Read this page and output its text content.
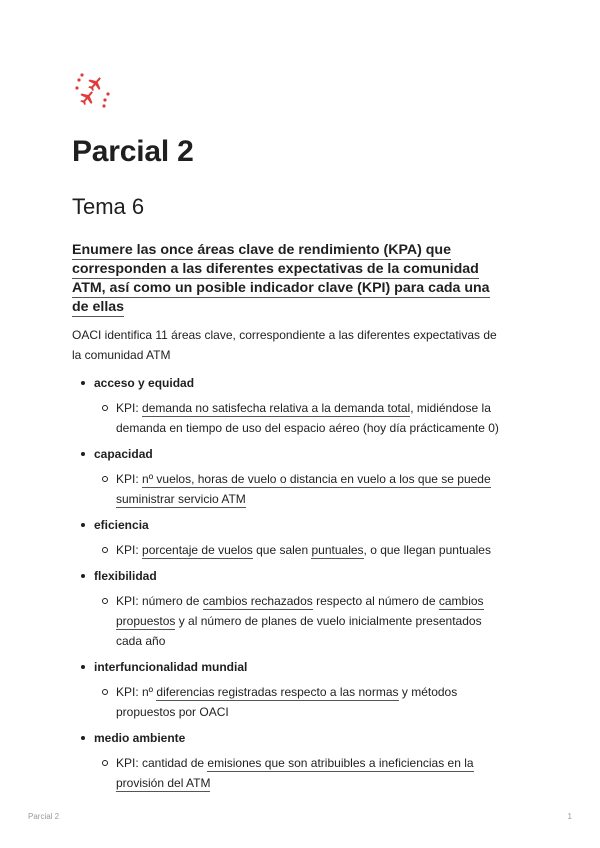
Parcial 2
Tema 6
Enumere las once áreas clave de rendimiento (KPA) que
corresponden a las diferentes expectativas de la comunidad
ATM, así como un posible indicador clave (KPI) para cada una
de ellas

OACI identifica 11 áreas clave, correspondiente a las diferentes expectativas de
la comunidad ATM

acceso y equidad
KPI: demanda no satisfecha relativa a la demanda total, midiéndose la
demanda en tiempo de uso del espacio aéreo (hoy día prácticamente 0)
capacidad
KPI: nº vuelos, horas de vuelo o distancia en vuelo a los que se puede
suministrar servicio ATM
eficiencia
KPI: porcentaje de vuelos que salen puntuales, o que llegan puntuales
flexibilidad
KPI: número de cambios rechazados respecto al número de cambios
propuestos y al número de planes de vuelo inicialmente presentados
cada año
interfuncionalidad mundial
KPI: nº diferencias registradas respecto a las normas y métodos
propuestos por OACI
medio ambiente
KPI: cantidad de emisiones que son atribuibles a ineficiencias en la
provisión del ATM
Parcial 2	1
